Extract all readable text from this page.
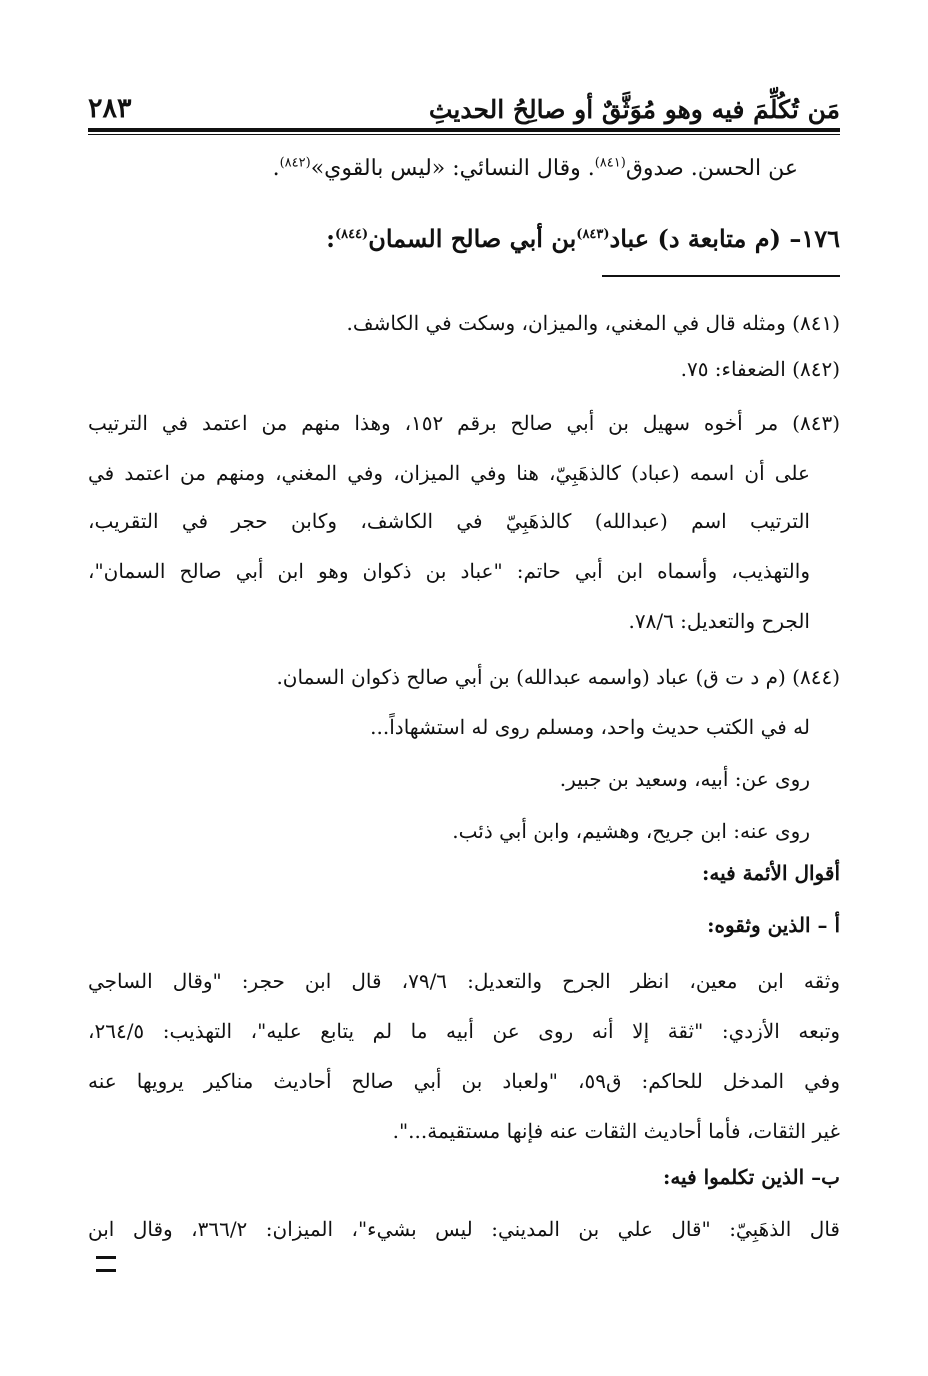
مَن تُكُلِّمَ فيه وهو مُوَثَّقٌ أو صالِحُ الحديثِ
٢٨٣
عن الحسن. صدوق$^{(٨٤١)}$. وقال النسائي: «ليس بالقوي»$^{(٨٤٢)}$.
١٧٦– (م متابعة د) عباد$^{(٨٤٣)}$بن أبي صالح السمان$^{(٨٤٤)}$:
(٨٤١) ومثله قال في المغني، والميزان، وسكت في الكاشف.
(٨٤٢) الضعفاء: ٧٥.
(٨٤٣) مر أخوه سهيل بن أبي صالح برقم ١٥٢، وهذا منهم من اعتمد في الترتيب
على أن اسمه (عباد) كالذهَبِيّ، هنا وفي الميزان، وفي المغني، ومنهم من اعتمد في
الترتيب اسم (عبدالله) كالذهَبِيّ في الكاشف، وكابن حجر في التقريب،
والتهذيب، وأسماه ابن أبي حاتم: "عباد بن ذكوان وهو ابن أبي صالح السمان"،
الجرح والتعديل: ٧٨/٦.
(٨٤٤) (م د ت ق) عباد (واسمه عبدالله) بن أبي صالح ذكوان السمان.
له في الكتب حديث واحد، ومسلم روى له استشهاداً...
روى عن: أبيه، وسعيد بن جبير.
روى عنه: ابن جريح، وهشيم، وابن أبي ذئب.
أقوال الأئمة فيه:
أ – الذين وثقوه:
وثقه ابن معين، انظر الجرح والتعديل: ٧٩/٦، قال ابن حجر: "وقال الساجي
وتبعه الأزدي: "ثقة إلا أنه روى عن أبيه ما لم يتابع عليه"، التهذيب: ٢٦٤/٥،
وفي المدخل للحاكم: ق٥٩، "ولعباد بن أبي صالح أحاديث مناكير يرويها عنه
غير الثقات، فأما أحاديث الثقات عنه فإنها مستقيمة...".
ب– الذين تكلموا فيه:
قال الذهَبِيّ: "قال علي بن المديني: ليس بشيء"، الميزان: ٣٦٦/٢، وقال ابن
